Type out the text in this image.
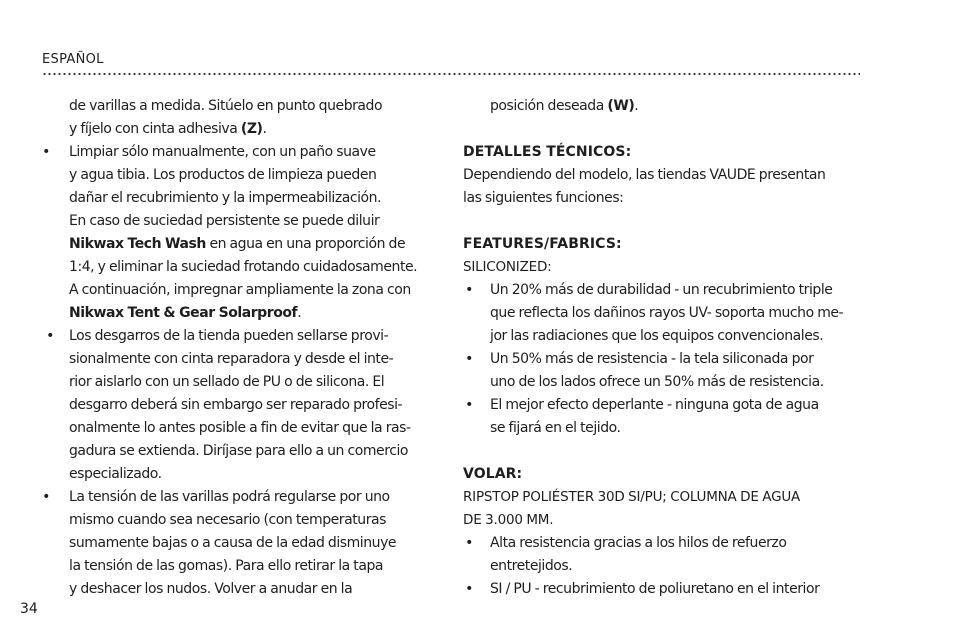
ESPAÑOL
de varillas a medida. Sitúelo en punto quebrado
y fíjelo con cinta adhesiva (Z).
• Limpiar sólo manualmente, con un paño suave
y agua tibia. Los productos de limpieza pueden
dañar el recubrimiento y la impermeabilización.
En caso de suciedad persistente se puede diluir
Nikwax Tech Wash en agua en una proporción de
1:4, y eliminar la suciedad frotando cuidadosamente.
A continuación, impregnar ampliamente la zona con
Nikwax Tent & Gear Solarproof.
• Los desgarros de la tienda pueden sellarse provi-
sionalmente con cinta reparadora y desde el inte-
rior aislarlo con un sellado de PU o de silicona. El
desgarro deberá sin embargo ser reparado profesi-
onalmente lo antes posible a fin de evitar que la ras-
gadura se extienda. Diríjase para ello a un comercio
especializado.
• La tensión de las varillas podrá regularse por uno
mismo cuando sea necesario (con temperaturas
sumamente bajas o a causa de la edad disminuye
la tensión de las gomas). Para ello retirar la tapa
y deshacer los nudos. Volver a anudar en la
posición deseada (W).
DETALLES TÉCNICOS:
Dependiendo del modelo, las tiendas VAUDE presentan
las siguientes funciones:
FEATURES/FABRICS:
SILICONIZED:
• Un 20% más de durabilidad - un recubrimiento triple
que reflecta los dañinos rayos UV- soporta mucho me-
jor las radiaciones que los equipos convencionales.
• Un 50% más de resistencia - la tela siliconada por
uno de los lados ofrece un 50% más de resistencia.
• El mejor efecto deperlante - ninguna gota de agua
se fijará en el tejido.
VOLAR:
RIPSTOP POLIÉSTER 30D SI/PU; COLUMNA DE AGUA
DE 3.000 MM.
• Alta resistencia gracias a los hilos de refuerzo
entretejidos.
• SI / PU - recubrimiento de poliuretano en el interior
34
